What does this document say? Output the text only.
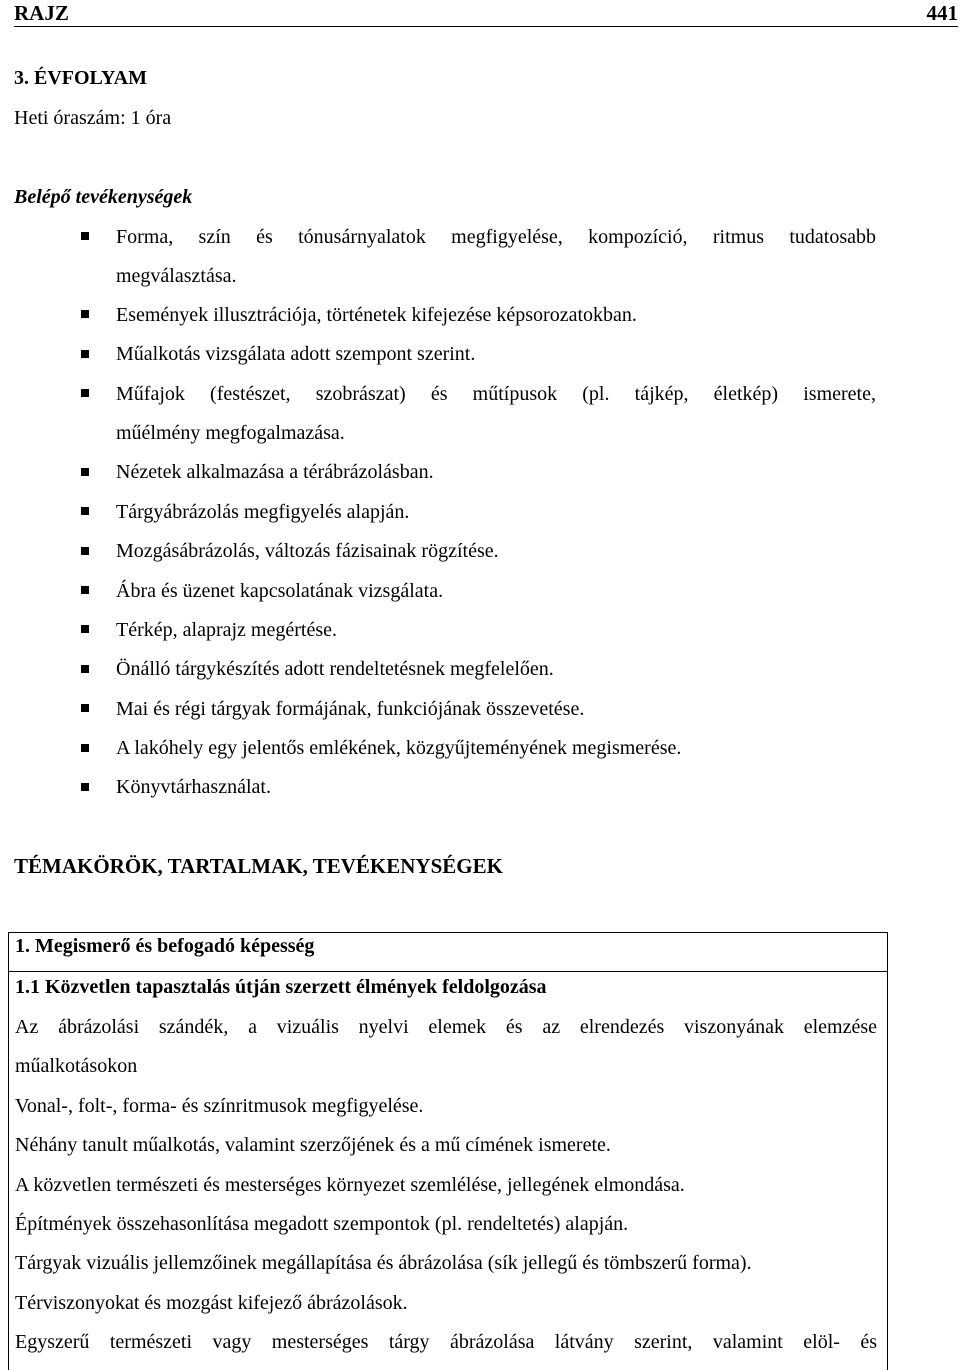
RAJZ	441
3. ÉVFOLYAM
Heti óraszám: 1 óra
Belépő tevékenységek
Forma, szín és tónusárnyalatok megfigyelése, kompozíció, ritmus tudatosabb
megválasztása.
Események illusztrációja, történetek kifejezése képsorozatokban.
Műalkotás vizsgálata adott szempont szerint.
Műfajok (festészet, szobrászat) és műtípusok (pl. tájkép, életkép) ismerete,
műélmény megfogalmazása.
Nézetek alkalmazása a térábrázolásban.
Tárgyábrázolás megfigyelés alapján.
Mozgásábrázolás, változás fázisainak rögzítése.
Ábra és üzenet kapcsolatának vizsgálata.
Térkép, alaprajz megértése.
Önálló tárgykészítés adott rendeltetésnek megfelelően.
Mai és régi tárgyak formájának, funkciójának összevetése.
A lakóhely egy jelentős emlékének, közgyűjteményének megismerése.
Könyvtárhasználat.
TÉMAKÖRÖK, TARTALMAK, TEVÉKENYSÉGEK
1. Megismerő és befogadó képesség
1.1 Közvetlen tapasztalás útján szerzett élmények feldolgozása
Az ábrázolási szándék, a vizuális nyelvi elemek és az elrendezés viszonyának elemzése
műalkotásokon
Vonal-, folt-, forma- és színritmusok megfigyelése.
Néhány tanult műalkotás, valamint szerzőjének és a mű címének ismerete.
A közvetlen természeti és mesterséges környezet szemlélése, jellegének elmondása.
Építmények összehasonlítása megadott szempontok (pl. rendeltetés) alapján.
Tárgyak vizuális jellemzőinek megállapítása és ábrázolása (sík jellegű és tömbszerű forma).
Térviszonyokat és mozgást kifejező ábrázolások.
Egyszerű természeti vagy mesterséges tárgy ábrázolása látvány szerint, valamint elöl- és
